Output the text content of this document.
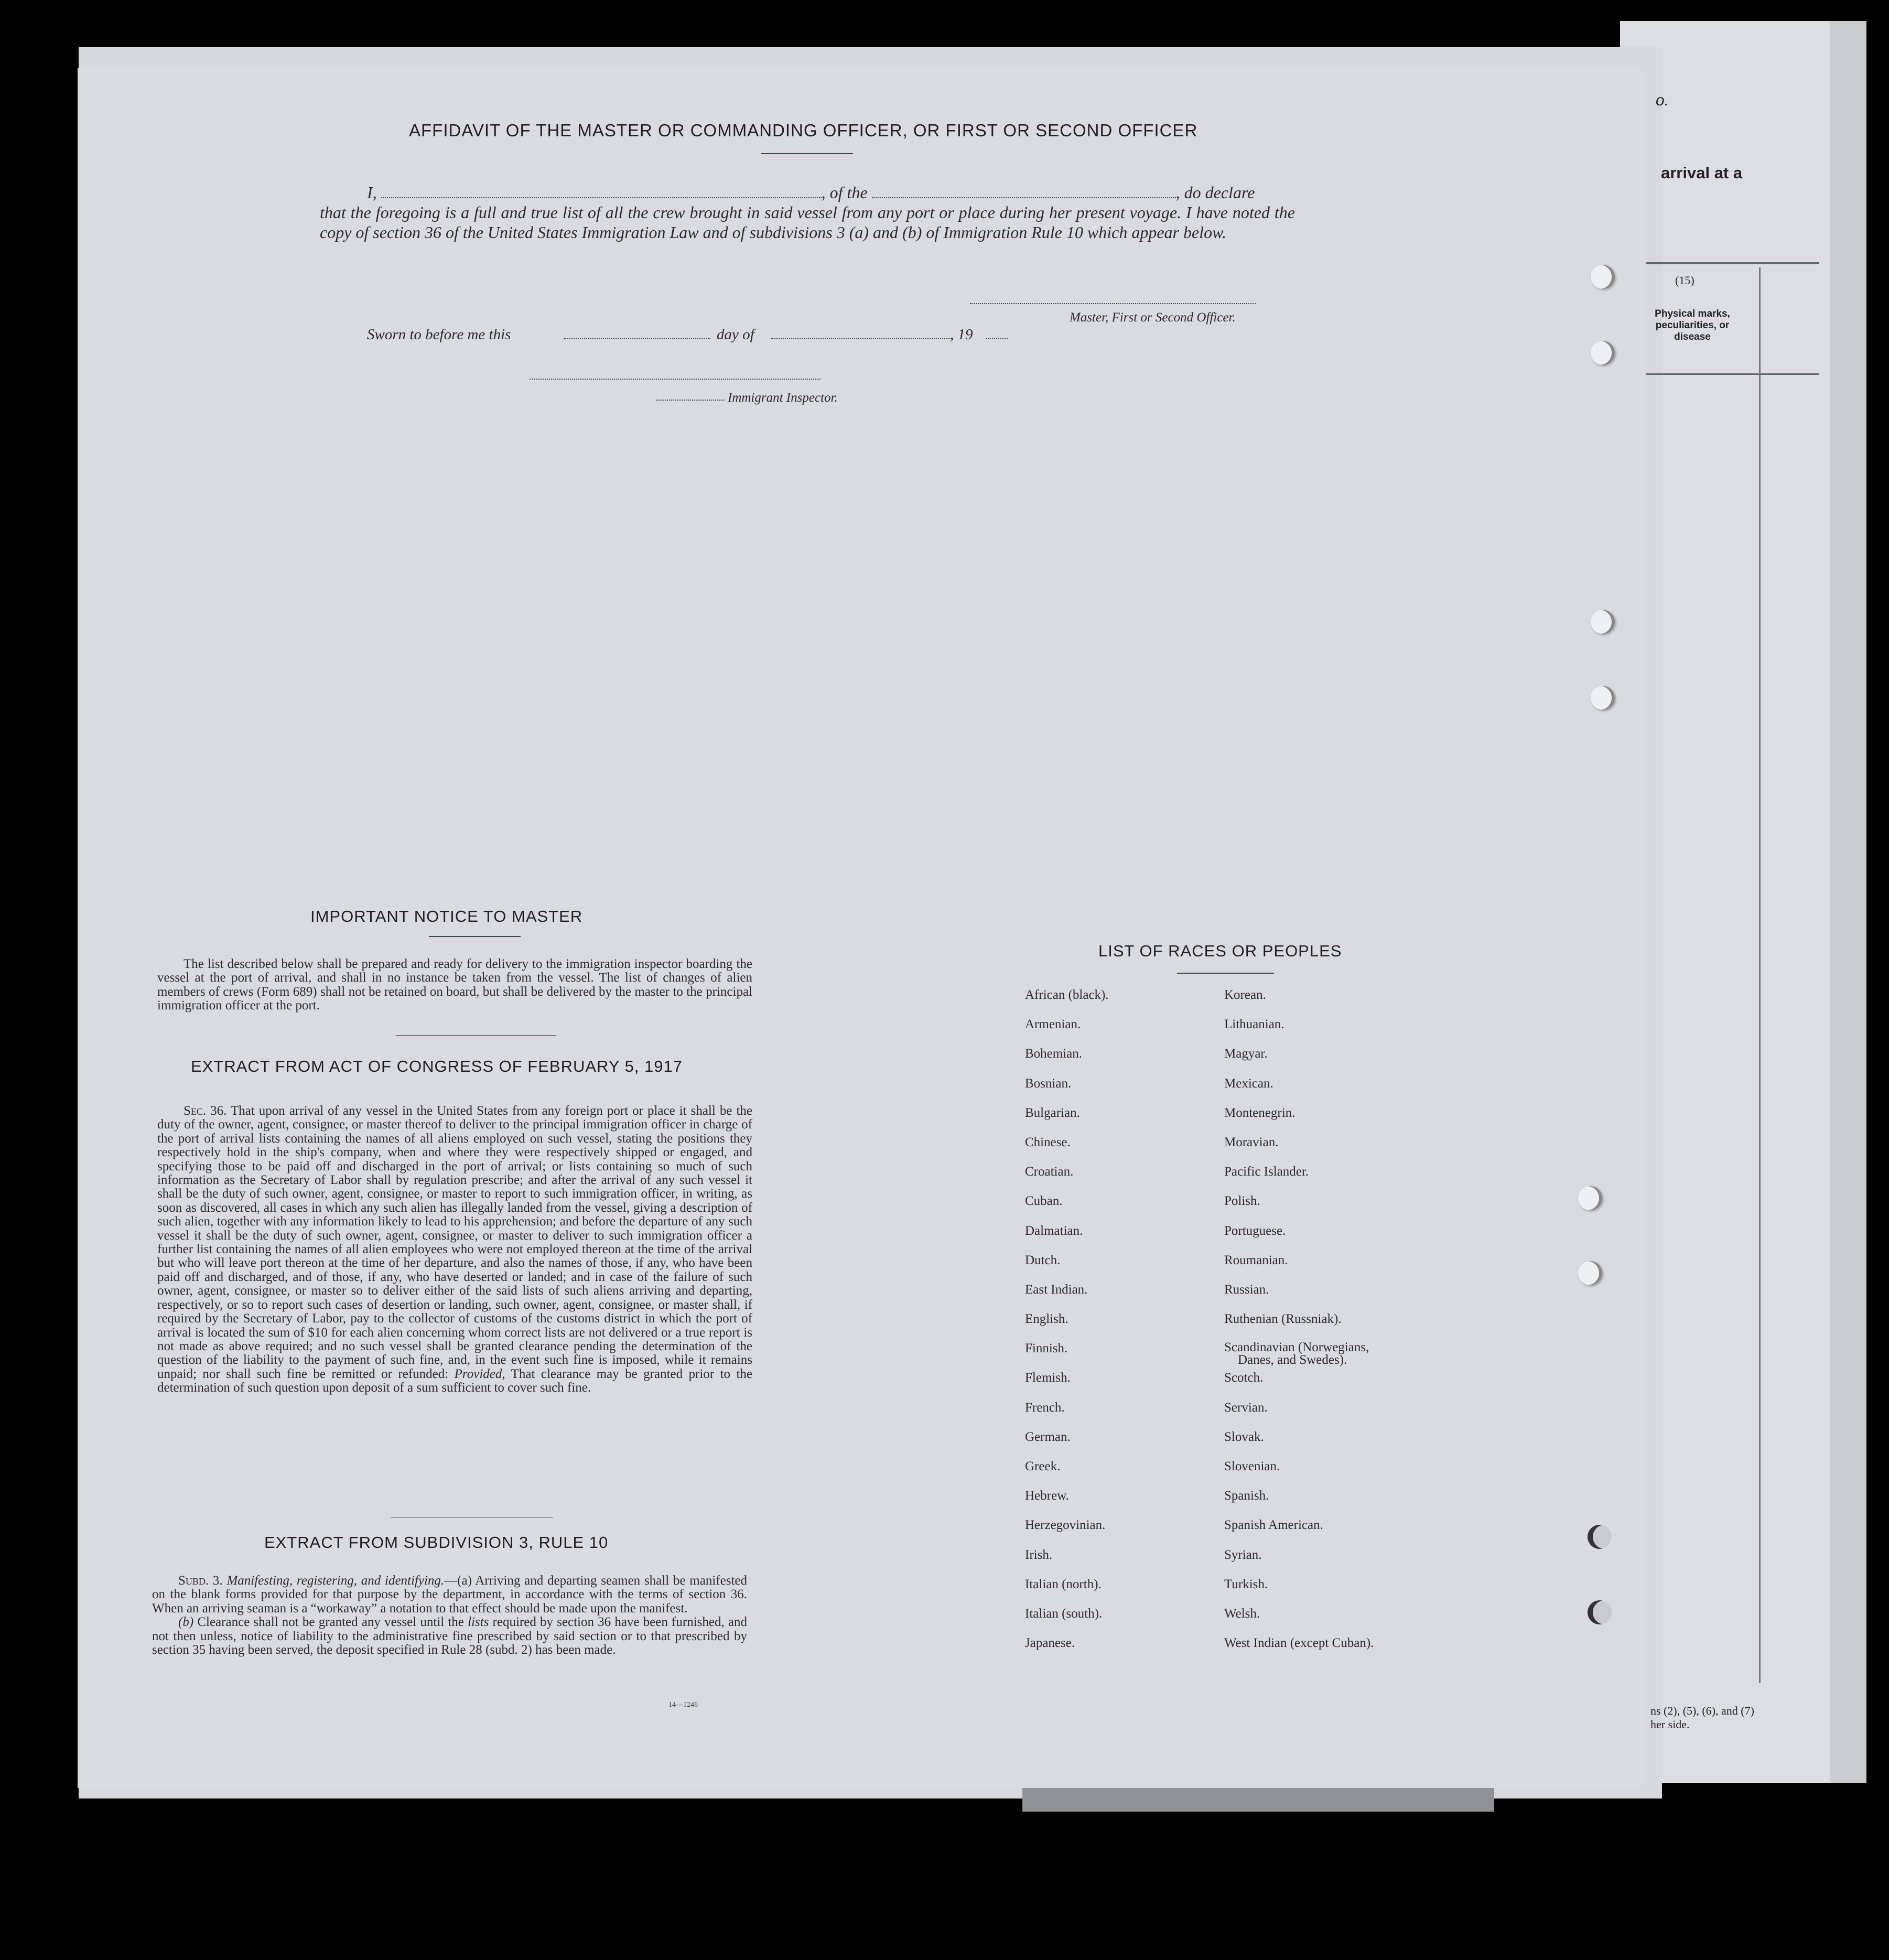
o.
arrival at a
(15)
Physical marks,
peculiarities, or
disease
ns (2), (5), (6), and (7)
her side.
AFFIDAVIT OF THE MASTER OR COMMANDING OFFICER, OR FIRST OR SECOND OFFICER
I,	, of the	, do declare
that the foregoing is a full and true list of all the crew brought in said vessel from any port or place during her present voyage. I have noted the copy of section 36 of the United States Immigration Law and of subdivisions 3 (a) and (b) of Immigration Rule 10 which appear below.
Master, First or Second Officer.
Sworn to before me this	day of	, 19
Immigrant Inspector.
IMPORTANT NOTICE TO MASTER

The list described below shall be prepared and ready for delivery to the immigration inspector boarding the vessel at the port of arrival, and shall in no instance be taken from the vessel. The list of changes of alien members of crews (Form 689) shall not be retained on board, but shall be delivered by the master to the principal immigration officer at the port.

EXTRACT FROM ACT OF CONGRESS OF FEBRUARY 5, 1917

Sec. 36. That upon arrival of any vessel in the United States from any foreign port or place it shall be the duty of the owner, agent, consignee, or master thereof to deliver to the principal immigration officer in charge of the port of arrival lists containing the names of all aliens employed on such vessel, stating the positions they respectively hold in the ship's company, when and where they were respectively shipped or engaged, and specifying those to be paid off and discharged in the port of arrival; or lists containing so much of such information as the Secretary of Labor shall by regulation prescribe; and after the arrival of any such vessel it shall be the duty of such owner, agent, consignee, or master to report to such immigration officer, in writing, as soon as discovered, all cases in which any such alien has illegally landed from the vessel, giving a description of such alien, together with any information likely to lead to his apprehension; and before the departure of any such vessel it shall be the duty of such owner, agent, consignee, or master to deliver to such immigration officer a further list containing the names of all alien employees who were not employed thereon at the time of the arrival but who will leave port thereon at the time of her departure, and also the names of those, if any, who have been paid off and discharged, and of those, if any, who have deserted or landed; and in case of the failure of such owner, agent, consignee, or master so to deliver either of the said lists of such aliens arriving and departing, respectively, or so to report such cases of desertion or landing, such owner, agent, consignee, or master shall, if required by the Secretary of Labor, pay to the collector of customs of the customs district in which the port of arrival is located the sum of $10 for each alien concerning whom correct lists are not delivered or a true report is not made as above required; and no such vessel shall be granted clearance pending the determination of the question of the liability to the payment of such fine, and, in the event such fine is imposed, while it remains unpaid; nor shall such fine be remitted or refunded: Provided, That clearance may be granted prior to the determination of such question upon deposit of a sum sufficient to cover such fine.

EXTRACT FROM SUBDIVISION 3, RULE 10

Subd. 3. Manifesting, registering, and identifying.—(a) Arriving and departing seamen shall be manifested on the blank forms provided for that purpose by the department, in accordance with the terms of section 36. When an arriving seaman is a “workaway” a notation to that effect should be made upon the manifest.

(b) Clearance shall not be granted any vessel until the lists required by section 36 have been furnished, and not then unless, notice of liability to the administrative fine prescribed by said section or to that prescribed by section 35 having been served, the deposit specified in Rule 28 (subd. 2) has been made.

14—1246
LIST OF RACES OR PEOPLES
African (black).
Armenian.
Bohemian.
Bosnian.
Bulgarian.
Chinese.
Croatian.
Cuban.
Dalmatian.
Dutch.
East Indian.
English.
Finnish.
Flemish.
French.
German.
Greek.
Hebrew.
Herzegovinian.
Irish.
Italian (north).
Italian (south).
Japanese.
Korean.
Lithuanian.
Magyar.
Mexican.
Montenegrin.
Moravian.
Pacific Islander.
Polish.
Portuguese.
Roumanian.
Russian.
Ruthenian (Russniak).
Scandinavian (Norwegians,
Danes, and Swedes).
Scotch.
Servian.
Slovak.
Slovenian.
Spanish.
Spanish American.
Syrian.
Turkish.
Welsh.
West Indian (except Cuban).
